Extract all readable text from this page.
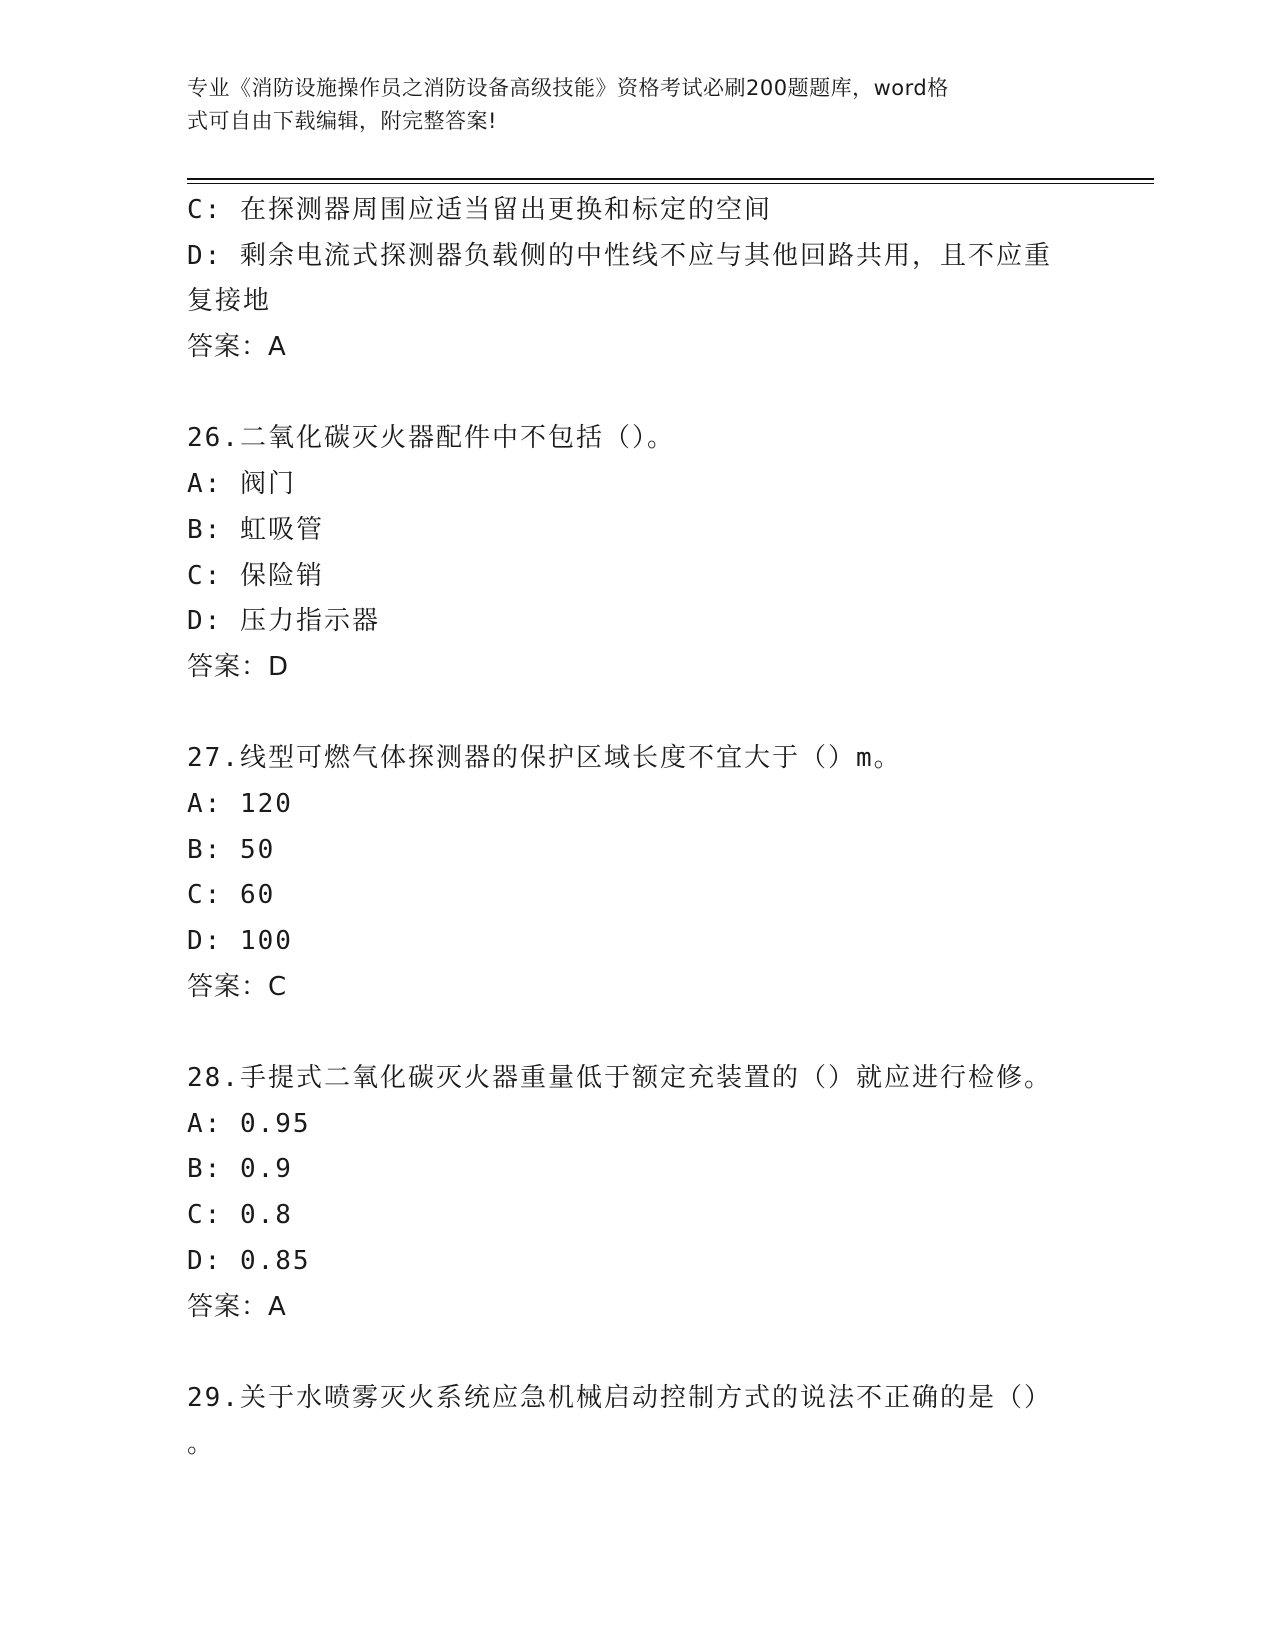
专业《消防设施操作员之消防设备高级技能》资格考试必刷200题题库，word格
式可自由下载编辑，附完整答案!
C: 在探测器周围应适当留出更换和标定的空间
D: 剩余电流式探测器负载侧的中性线不应与其他回路共用，且不应重
复接地
答案：A
26.二氧化碳灭火器配件中不包括（）。
A: 阀门
B: 虹吸管
C: 保险销
D: 压力指示器
答案：D
27.线型可燃气体探测器的保护区域长度不宜大于（）m。
A: 120
B: 50
C: 60
D: 100
答案：C
28.手提式二氧化碳灭火器重量低于额定充装置的（）就应进行检修。
A: 0.95
B: 0.9
C: 0.8
D: 0.85
答案：A
29.关于水喷雾灭火系统应急机械启动控制方式的说法不正确的是（）
。
